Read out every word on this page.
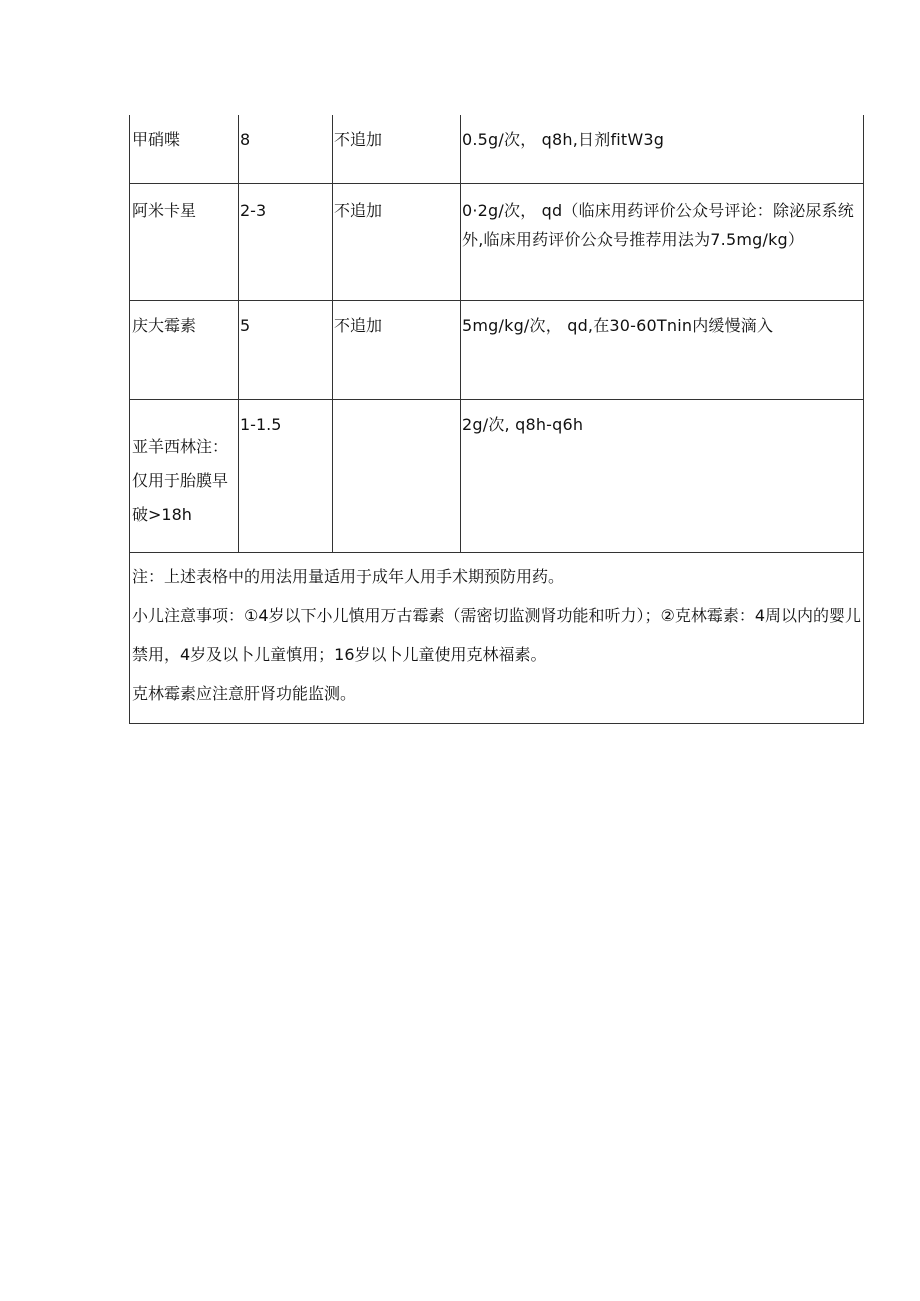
甲硝喋	8	不追加	0.5g/次， q8h,日剂fitW3g

阿米卡星	2-3	不追加	0·2g/次， qd（临床用药评价公众号评论：除泌尿系统外,临床用药评价公众号推荐用法为7.5mg/kg）

庆大霉素	5	不追加	5mg/kg/次， qd,在30-60Tnin内缓慢滴入

亚羊西林注：仅用于胎膜早破>18h	1-1.5		2g/次, q8h-q6h

注：上述表格中的用法用量适用于成年人用手术期预防用药。
小儿注意事项：①4岁以下小儿慎用万古霉素（需密切监测肾功能和听力）；②克林霉素：4周以内的婴儿禁用，4岁及以卜儿童慎用；16岁以卜儿童使用克林福素。
克林霉素应注意肝肾功能监测。			
